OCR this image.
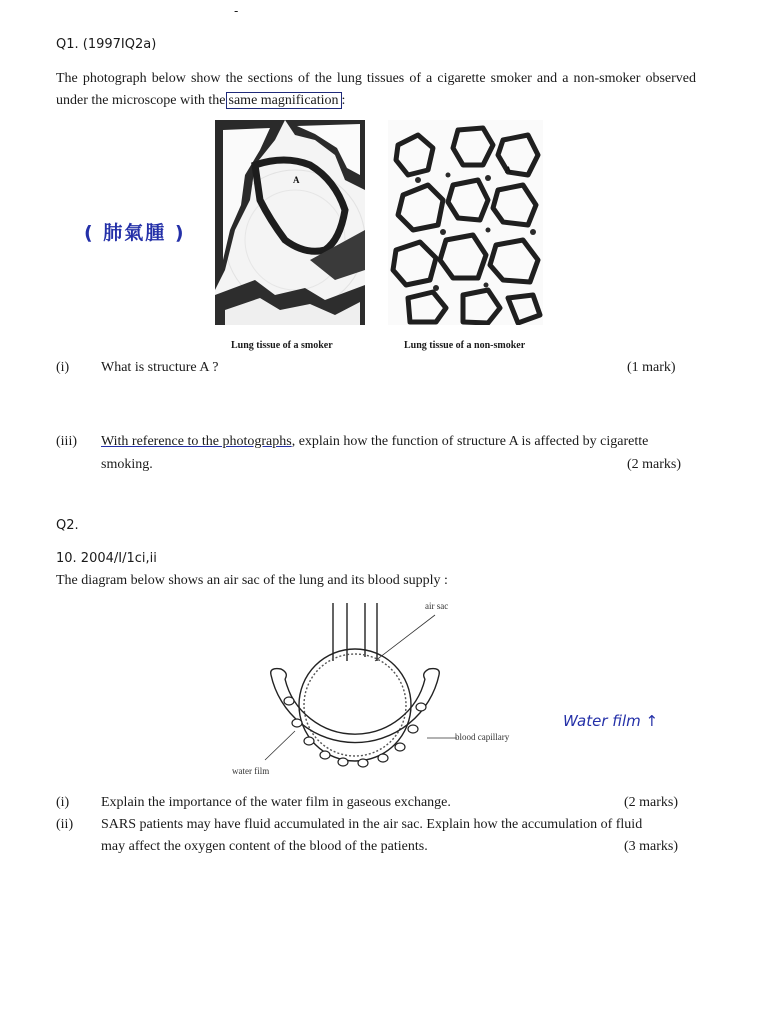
-
Q1. (1997IQ2a)
The photograph below show the sections of the lung tissues of a cigarette smoker and a non-smoker observed under the microscope with the same magnification :
( 肺氣腫 )
A
A
Lung tissue of a smoker	Lung tissue of a non-smoker
(i) What is structure A ?	(1 mark)
(iii) With reference to the photographs, explain how the function of structure A is affected by cigarette
smoking.	(2 marks)
Q2.
10. 2004/I/1ci,ii
The diagram below shows an air sac of the lung and its blood supply :
air sac
blood capillary
water film
Water film ↑
(i) Explain the importance of the water film in gaseous exchange.	(2 marks)
(ii) SARS patients may have fluid accumulated in the air sac. Explain how the accumulation of fluid
may affect the oxygen content of the blood of the patients.	(3 marks)
